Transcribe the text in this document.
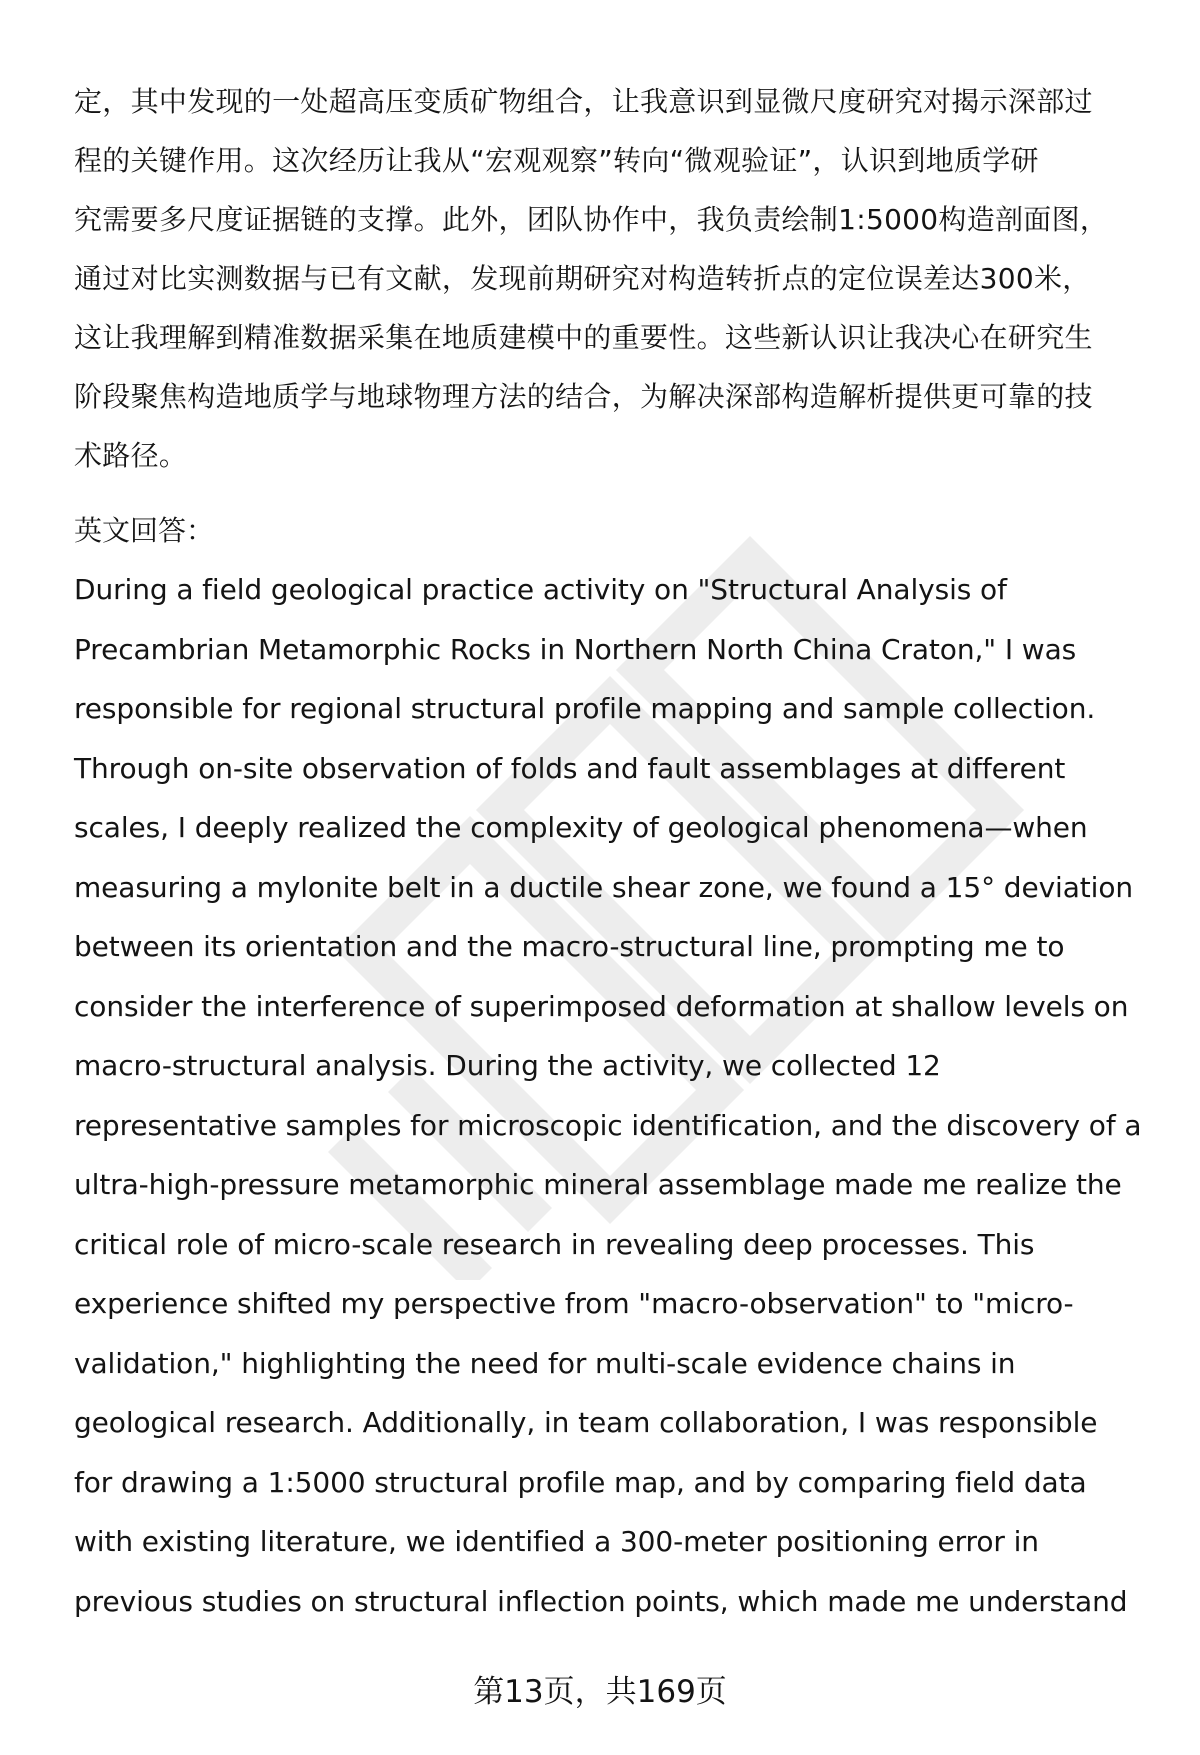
定，其中发现的一处超高压变质矿物组合，让我意识到显微尺度研究对揭示深部过
程的关键作用。这次经历让我从“宏观观察”转向“微观验证”，认识到地质学研
究需要多尺度证据链的支撑。此外，团队协作中，我负责绘制1:5000构造剖面图，
通过对比实测数据与已有文献，发现前期研究对构造转折点的定位误差达300米，
这让我理解到精准数据采集在地质建模中的重要性。这些新认识让我决心在研究生
阶段聚焦构造地质学与地球物理方法的结合，为解决深部构造解析提供更可靠的技
术路径。

英文回答：

During a field geological practice activity on "Structural Analysis of
Precambrian Metamorphic Rocks in Northern North China Craton," I was
responsible for regional structural profile mapping and sample collection.
Through on-site observation of folds and fault assemblages at different
scales, I deeply realized the complexity of geological phenomena—when
measuring a mylonite belt in a ductile shear zone, we found a 15° deviation
between its orientation and the macro-structural line, prompting me to
consider the interference of superimposed deformation at shallow levels on
macro-structural analysis. During the activity, we collected 12
representative samples for microscopic identification, and the discovery of a
ultra-high-pressure metamorphic mineral assemblage made me realize the
critical role of micro-scale research in revealing deep processes. This
experience shifted my perspective from "macro-observation" to "micro-
validation," highlighting the need for multi-scale evidence chains in
geological research. Additionally, in team collaboration, I was responsible
for drawing a 1:5000 structural profile map, and by comparing field data
with existing literature, we identified a 300-meter positioning error in
previous studies on structural inflection points, which made me understand

第13页，共169页
